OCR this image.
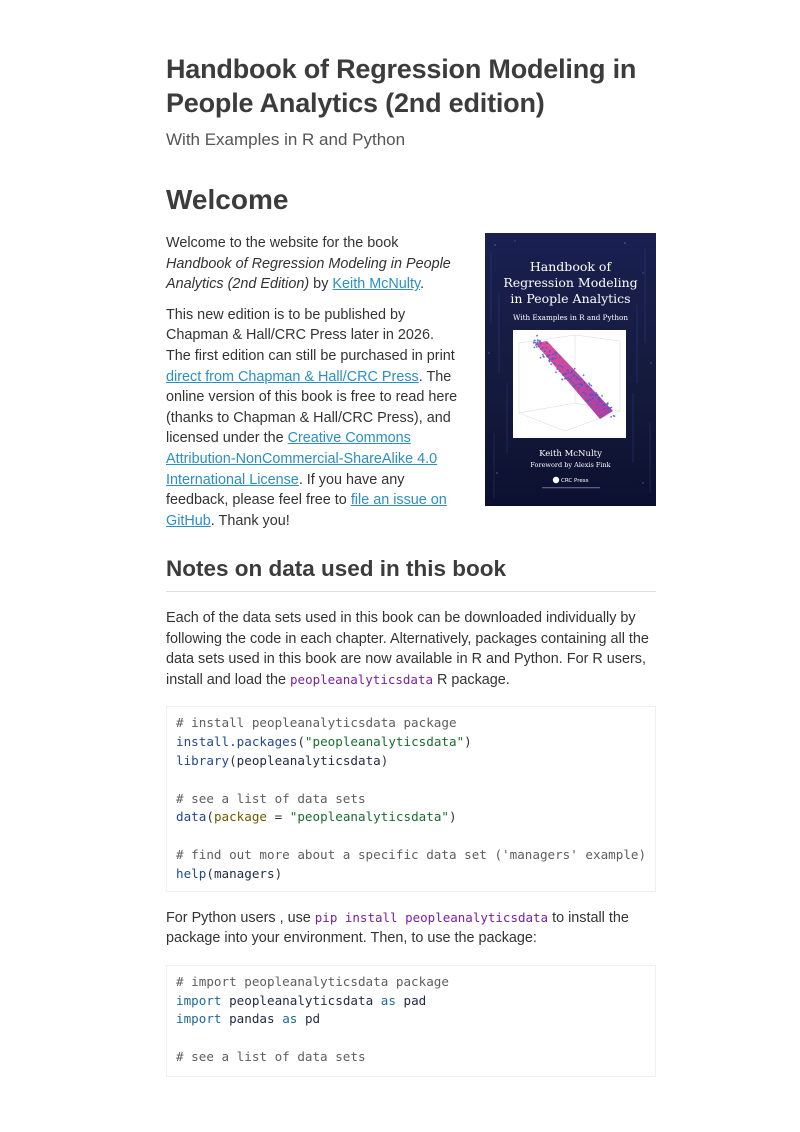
Handbook of Regression Modeling in People Analytics (2nd edition)
With Examples in R and Python
Welcome

Welcome to the website for the book Handbook of Regression Modeling in People Analytics (2nd Edition) by Keith McNulty.

This new edition is to be published by Chapman & Hall/CRC Press later in 2026. The first edition can still be purchased in print direct from Chapman & Hall/CRC Press. The online version of this book is free to read here (thanks to Chapman & Hall/CRC Press), and licensed under the Creative Commons Attribution-NonCommercial-ShareAlike 4.0 International License. If you have any feedback, please feel free to file an issue on GitHub. Thank you!

Handbook of
Regression Modeling
in People Analytics
With Examples in R and Python
Keith McNulty
Foreword by Alexis Fink
CRC Press
Notes on data used in this book

Each of the data sets used in this book can be downloaded individually by following the code in each chapter. Alternatively, packages containing all the data sets used in this book are now available in R and Python. For R users, install and load the peopleanalyticsdata R package.

# install peopleanalyticsdata package
install.packages("peopleanalyticsdata")
library(peopleanalyticsdata)
# see a list of data sets
data(package = "peopleanalyticsdata")
# find out more about a specific data set ('managers' example)
help(managers)

For Python users , use pip install peopleanalyticsdata to install the package into your environment. Then, to use the package:

# import peopleanalyticsdata package
import peopleanalyticsdata as pad
import pandas as pd
# see a list of data sets
